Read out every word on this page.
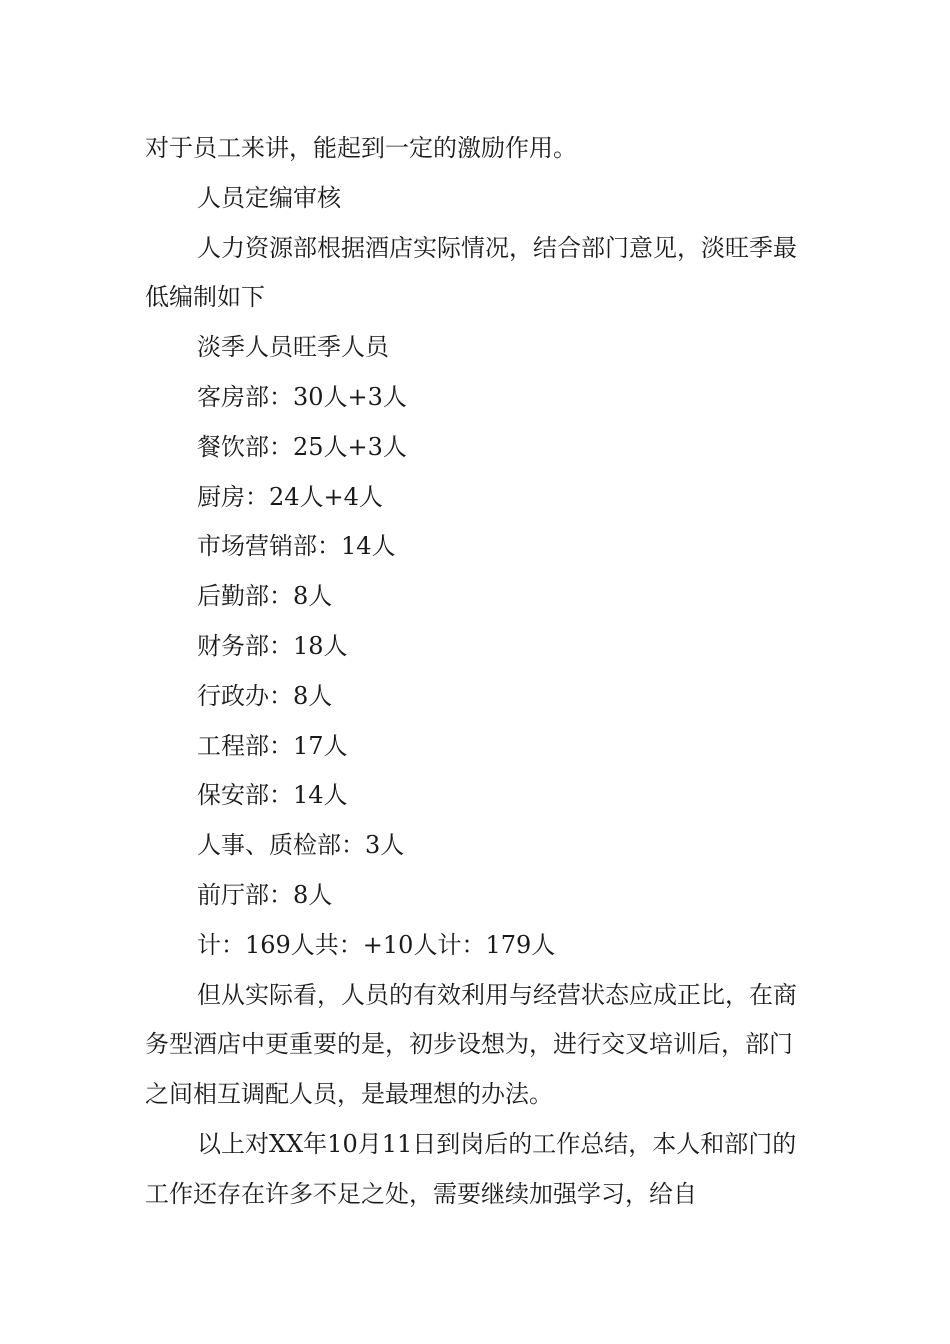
对于员工来讲，能起到一定的激励作用。

人员定编审核

人力资源部根据酒店实际情况，结合部门意见，淡旺季最低编制如下

淡季人员旺季人员

客房部：30人+3人

餐饮部：25人+3人

厨房：24人+4人

市场营销部：14人

后勤部：8人

财务部：18人

行政办：8人

工程部：17人

保安部：14人

人事、质检部：3人

前厅部：8人

计：169人共：+10人计：179人

但从实际看，人员的有效利用与经营状态应成正比，在商务型酒店中更重要的是，初步设想为，进行交叉培训后，部门之间相互调配人员，是最理想的办法。

以上对XX年10月11日到岗后的工作总结，本人和部门的工作还存在许多不足之处，需要继续加强学习，给自
